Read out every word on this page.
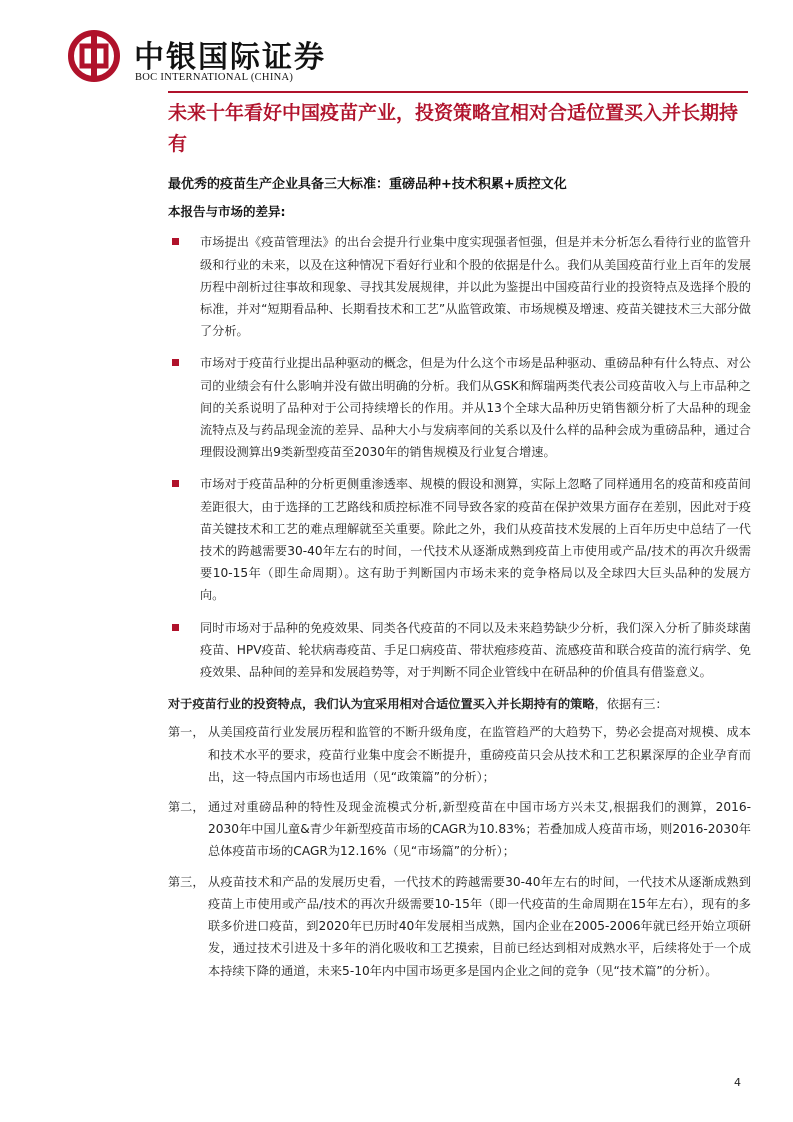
中银国际证券
BOC INTERNATIONAL (CHINA)
未来十年看好中国疫苗产业，投资策略宜相对合适位置买入并长期持有
最优秀的疫苗生产企业具备三大标准：重磅品种+技术积累+质控文化
本报告与市场的差异:
市场提出《疫苗管理法》的出台会提升行业集中度实现强者恒强，但是并未分析怎么看待行业的监管升级和行业的未来，以及在这种情况下看好行业和个股的依据是什么。我们从美国疫苗行业上百年的发展历程中剖析过往事故和现象、寻找其发展规律，并以此为鉴提出中国疫苗行业的投资特点及选择个股的标准，并对“短期看品种、长期看技术和工艺”从监管政策、市场规模及增速、疫苗关键技术三大部分做了分析。
市场对于疫苗行业提出品种驱动的概念，但是为什么这个市场是品种驱动、重磅品种有什么特点、对公司的业绩会有什么影响并没有做出明确的分析。我们从GSK和辉瑞两类代表公司疫苗收入与上市品种之间的关系说明了品种对于公司持续增长的作用。并从13个全球大品种历史销售额分析了大品种的现金流特点及与药品现金流的差异、品种大小与发病率间的关系以及什么样的品种会成为重磅品种，通过合理假设测算出9类新型疫苗至2030年的销售规模及行业复合增速。
市场对于疫苗品种的分析更侧重渗透率、规模的假设和测算，实际上忽略了同样通用名的疫苗和疫苗间差距很大，由于选择的工艺路线和质控标准不同导致各家的疫苗在保护效果方面存在差别，因此对于疫苗关键技术和工艺的难点理解就至关重要。除此之外，我们从疫苗技术发展的上百年历史中总结了一代技术的跨越需要30-40年左右的时间，一代技术从逐渐成熟到疫苗上市使用或产品/技术的再次升级需要10-15年（即生命周期）。这有助于判断国内市场未来的竞争格局以及全球四大巨头品种的发展方向。
同时市场对于品种的免疫效果、同类各代疫苗的不同以及未来趋势缺少分析，我们深入分析了肺炎球菌疫苗、HPV疫苗、轮状病毒疫苗、手足口病疫苗、带状疱疹疫苗、流感疫苗和联合疫苗的流行病学、免疫效果、品种间的差异和发展趋势等，对于判断不同企业管线中在研品种的价值具有借鉴意义。
对于疫苗行业的投资特点，我们认为宜采用相对合适位置买入并长期持有的策略，依据有三：
第一， 从美国疫苗行业发展历程和监管的不断升级角度，在监管趋严的大趋势下，势必会提高对规模、成本和技术水平的要求，疫苗行业集中度会不断提升，重磅疫苗只会从技术和工艺积累深厚的企业孕育而出，这一特点国内市场也适用（见“政策篇”的分析）；
第二， 通过对重磅品种的特性及现金流模式分析,新型疫苗在中国市场方兴未艾,根据我们的测算，2016-2030年中国儿童&青少年新型疫苗市场的CAGR为10.83%；若叠加成人疫苗市场，则2016-2030年总体疫苗市场的CAGR为12.16%（见“市场篇”的分析）；
第三， 从疫苗技术和产品的发展历史看，一代技术的跨越需要30-40年左右的时间，一代技术从逐渐成熟到疫苗上市使用或产品/技术的再次升级需要10-15年（即一代疫苗的生命周期在15年左右），现有的多联多价进口疫苗，到2020年已历时40年发展相当成熟，国内企业在2005-2006年就已经开始立项研发，通过技术引进及十多年的消化吸收和工艺摸索，目前已经达到相对成熟水平，后续将处于一个成本持续下降的通道，未来5-10年内中国市场更多是国内企业之间的竞争（见“技术篇”的分析）。
4
